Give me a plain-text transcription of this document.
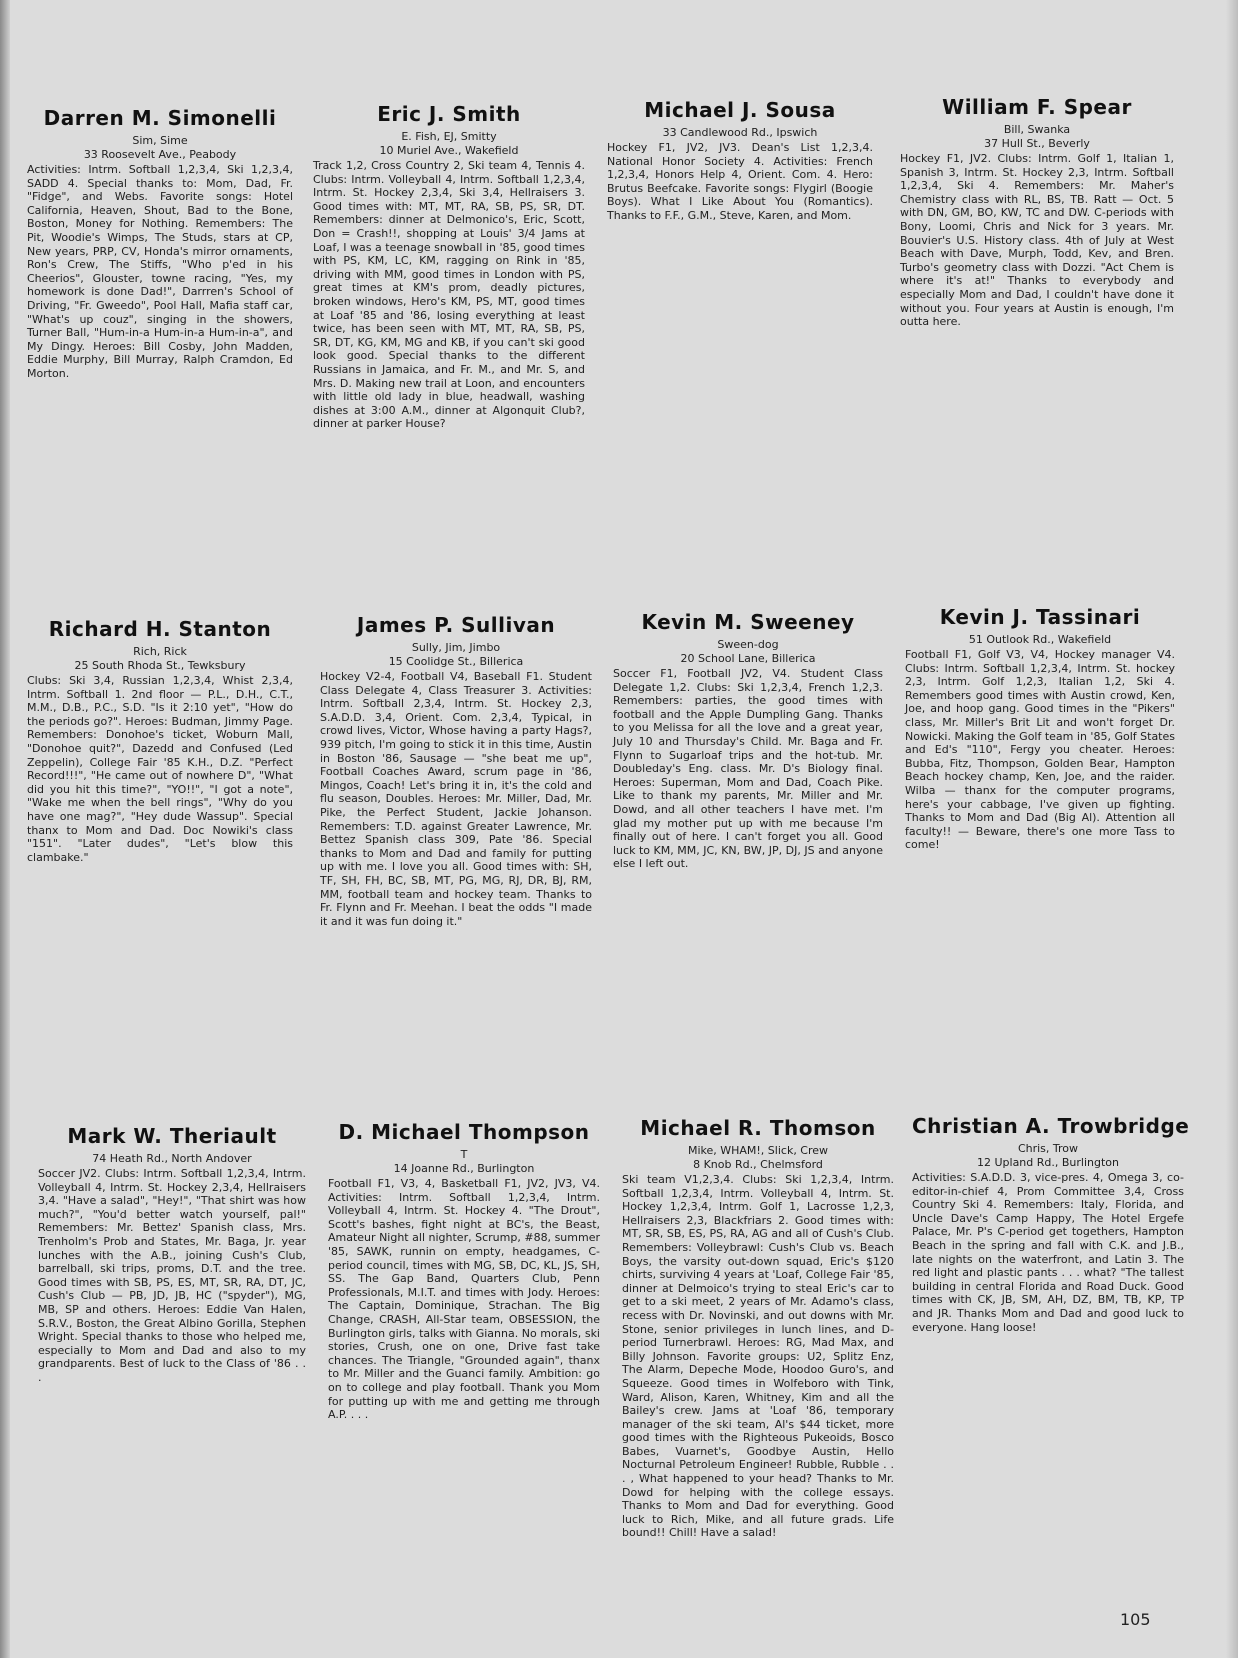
Darren M. Simonelli
Sim, Sime
33 Roosevelt Ave., Peabody
Activities: Intrm. Softball 1,2,3,4, Ski 1,2,3,4, SADD 4. Special thanks to: Mom, Dad, Fr. "Fidge", and Webs. Favorite songs: Hotel California, Heaven, Shout, Bad to the Bone, Boston, Money for Nothing. Remembers: The Pit, Woodie's Wimps, The Studs, stars at CP, New years, PRP, CV, Honda's mirror ornaments, Ron's Crew, The Stiffs, "Who p'ed in his Cheerios", Glouster, towne racing, "Yes, my homework is done Dad!", Darrren's School of Driving, "Fr. Gweedo", Pool Hall, Mafia staff car, "What's up couz", singing in the showers, Turner Ball, "Hum-in-a Hum-in-a Hum-in-a", and My Dingy. Heroes: Bill Cosby, John Madden, Eddie Murphy, Bill Murray, Ralph Cramdon, Ed Morton.
Eric J. Smith
E. Fish, EJ, Smitty
10 Muriel Ave., Wakefield
Track 1,2, Cross Country 2, Ski team 4, Tennis 4. Clubs: Intrm. Volleyball 4, Intrm. Softball 1,2,3,4, Intrm. St. Hockey 2,3,4, Ski 3,4, Hellraisers 3. Good times with: MT, MT, RA, SB, PS, SR, DT. Remembers: dinner at Delmonico's, Eric, Scott, Don = Crash!!, shopping at Louis' 3/4 Jams at Loaf, I was a teenage snowball in '85, good times with PS, KM, LC, KM, ragging on Rink in '85, driving with MM, good times in London with PS, great times at KM's prom, deadly pictures, broken windows, Hero's KM, PS, MT, good times at Loaf '85 and '86, losing everything at least twice, has been seen with MT, MT, RA, SB, PS, SR, DT, KG, KM, MG and KB, if you can't ski good look good. Special thanks to the different Russians in Jamaica, and Fr. M., and Mr. S, and Mrs. D. Making new trail at Loon, and encounters with little old lady in blue, headwall, washing dishes at 3:00 A.M., dinner at Algonquit Club?, dinner at parker House?
Michael J. Sousa
33 Candlewood Rd., Ipswich
Hockey F1, JV2, JV3. Dean's List 1,2,3,4. National Honor Society 4. Activities: French 1,2,3,4, Honors Help 4, Orient. Com. 4. Hero: Brutus Beefcake. Favorite songs: Flygirl (Boogie Boys). What I Like About You (Romantics). Thanks to F.F., G.M., Steve, Karen, and Mom.
William F. Spear
Bill, Swanka
37 Hull St., Beverly
Hockey F1, JV2. Clubs: Intrm. Golf 1, Italian 1, Spanish 3, Intrm. St. Hockey 2,3, Intrm. Softball 1,2,3,4, Ski 4. Remembers: Mr. Maher's Chemistry class with RL, BS, TB. Ratt — Oct. 5 with DN, GM, BO, KW, TC and DW. C-periods with Bony, Loomi, Chris and Nick for 3 years. Mr. Bouvier's U.S. History class. 4th of July at West Beach with Dave, Murph, Todd, Kev, and Bren. Turbo's geometry class with Dozzi. "Act Chem is where it's at!" Thanks to everybody and especially Mom and Dad, I couldn't have done it without you. Four years at Austin is enough, I'm outta here.
Richard H. Stanton
Rich, Rick
25 South Rhoda St., Tewksbury
Clubs: Ski 3,4, Russian 1,2,3,4, Whist 2,3,4, Intrm. Softball 1. 2nd floor — P.L., D.H., C.T., M.M., D.B., P.C., S.D. "Is it 2:10 yet", "How do the periods go?". Heroes: Budman, Jimmy Page. Remembers: Donohoe's ticket, Woburn Mall, "Donohoe quit?", Dazedd and Confused (Led Zeppelin), College Fair '85 K.H., D.Z. "Perfect Record!!!", "He came out of nowhere D", "What did you hit this time?", "YO!!", "I got a note", "Wake me when the bell rings", "Why do you have one mag?", "Hey dude Wassup". Special thanx to Mom and Dad. Doc Nowiki's class "151". "Later dudes", "Let's blow this clambake."
James P. Sullivan
Sully, Jim, Jimbo
15 Coolidge St., Billerica
Hockey V2-4, Football V4, Baseball F1. Student Class Delegate 4, Class Treasurer 3. Activities: Intrm. Softball 2,3,4, Intrm. St. Hockey 2,3, S.A.D.D. 3,4, Orient. Com. 2,3,4, Typical, in crowd lives, Victor, Whose having a party Hags?, 939 pitch, I'm going to stick it in this time, Austin in Boston '86, Sausage — "she beat me up", Football Coaches Award, scrum page in '86, Mingos, Coach! Let's bring it in, it's the cold and flu season, Doubles. Heroes: Mr. Miller, Dad, Mr. Pike, the Perfect Student, Jackie Johanson. Remembers: T.D. against Greater Lawrence, Mr. Bettez Spanish class 309, Pate '86. Special thanks to Mom and Dad and family for putting up with me. I love you all. Good times with: SH, TF, SH, FH, BC, SB, MT, PG, MG, RJ, DR, BJ, RM, MM, football team and hockey team. Thanks to Fr. Flynn and Fr. Meehan. I beat the odds "I made it and it was fun doing it."
Kevin M. Sweeney
Sween-dog
20 School Lane, Billerica
Soccer F1, Football JV2, V4. Student Class Delegate 1,2. Clubs: Ski 1,2,3,4, French 1,2,3. Remembers: parties, the good times with football and the Apple Dumpling Gang. Thanks to you Melissa for all the love and a great year, July 10 and Thursday's Child. Mr. Baga and Fr. Flynn to Sugarloaf trips and the hot-tub. Mr. Doubleday's Eng. class. Mr. D's Biology final. Heroes: Superman, Mom and Dad, Coach Pike. Like to thank my parents, Mr. Miller and Mr. Dowd, and all other teachers I have met. I'm glad my mother put up with me because I'm finally out of here. I can't forget you all. Good luck to KM, MM, JC, KN, BW, JP, DJ, JS and anyone else I left out.
Kevin J. Tassinari
51 Outlook Rd., Wakefield
Football F1, Golf V3, V4, Hockey manager V4. Clubs: Intrm. Softball 1,2,3,4, Intrm. St. hockey 2,3, Intrm. Golf 1,2,3, Italian 1,2, Ski 4. Remembers good times with Austin crowd, Ken, Joe, and hoop gang. Good times in the "Pikers" class, Mr. Miller's Brit Lit and won't forget Dr. Nowicki. Making the Golf team in '85, Golf States and Ed's "110", Fergy you cheater. Heroes: Bubba, Fitz, Thompson, Golden Bear, Hampton Beach hockey champ, Ken, Joe, and the raider. Wilba — thanx for the computer programs, here's your cabbage, I've given up fighting. Thanks to Mom and Dad (Big Al). Attention all faculty!! — Beware, there's one more Tass to come!
Mark W. Theriault
74 Heath Rd., North Andover
Soccer JV2. Clubs: Intrm. Softball 1,2,3,4, Intrm. Volleyball 4, Intrm. St. Hockey 2,3,4, Hellraisers 3,4. "Have a salad", "Hey!", "That shirt was how much?", "You'd better watch yourself, pal!" Remembers: Mr. Bettez' Spanish class, Mrs. Trenholm's Prob and States, Mr. Baga, Jr. year lunches with the A.B., joining Cush's Club, barrelball, ski trips, proms, D.T. and the tree. Good times with SB, PS, ES, MT, SR, RA, DT, JC, Cush's Club — PB, JD, JB, HC ("spyder"), MG, MB, SP and others. Heroes: Eddie Van Halen, S.R.V., Boston, the Great Albino Gorilla, Stephen Wright. Special thanks to those who helped me, especially to Mom and Dad and also to my grandparents. Best of luck to the Class of '86 . . .
D. Michael Thompson
T
14 Joanne Rd., Burlington
Football F1, V3, 4, Basketball F1, JV2, JV3, V4. Activities: Intrm. Softball 1,2,3,4, Intrm. Volleyball 4, Intrm. St. Hockey 4. "The Drout", Scott's bashes, fight night at BC's, the Beast, Amateur Night all nighter, Scrump, #88, summer '85, SAWK, runnin on empty, headgames, C-period council, times with MG, SB, DC, KL, JS, SH, SS. The Gap Band, Quarters Club, Penn Professionals, M.I.T. and times with Jody. Heroes: The Captain, Dominique, Strachan. The Big Change, CRASH, All-Star team, OBSESSION, the Burlington girls, talks with Gianna. No morals, ski stories, Crush, one on one, Drive fast take chances. The Triangle, "Grounded again", thanx to Mr. Miller and the Guanci family. Ambition: go on to college and play football. Thank you Mom for putting up with me and getting me through A.P. . . .
Michael R. Thomson
Mike, WHAM!, Slick, Crew
8 Knob Rd., Chelmsford
Ski team V1,2,3,4. Clubs: Ski 1,2,3,4, Intrm. Softball 1,2,3,4, Intrm. Volleyball 4, Intrm. St. Hockey 1,2,3,4, Intrm. Golf 1, Lacrosse 1,2,3, Hellraisers 2,3, Blackfriars 2. Good times with: MT, SR, SB, ES, PS, RA, AG and all of Cush's Club. Remembers: Volleybrawl: Cush's Club vs. Beach Boys, the varsity out-down squad, Eric's $120 chirts, surviving 4 years at 'Loaf, College Fair '85, dinner at Delmoico's trying to steal Eric's car to get to a ski meet, 2 years of Mr. Adamo's class, recess with Dr. Novinski, and out downs with Mr. Stone, senior privileges in lunch lines, and D-period Turnerbrawl. Heroes: RG, Mad Max, and Billy Johnson. Favorite groups: U2, Splitz Enz, The Alarm, Depeche Mode, Hoodoo Guro's, and Squeeze. Good times in Wolfeboro with Tink, Ward, Alison, Karen, Whitney, Kim and all the Bailey's crew. Jams at 'Loaf '86, temporary manager of the ski team, Al's $44 ticket, more good times with the Righteous Pukeoids, Bosco Babes, Vuarnet's, Goodbye Austin, Hello Nocturnal Petroleum Engineer! Rubble, Rubble . . . , What happened to your head? Thanks to Mr. Dowd for helping with the college essays. Thanks to Mom and Dad for everything. Good luck to Rich, Mike, and all future grads. Life bound!! Chill! Have a salad!
Christian A. Trowbridge
Chris, Trow
12 Upland Rd., Burlington
Activities: S.A.D.D. 3, vice-pres. 4, Omega 3, co-editor-in-chief 4, Prom Committee 3,4, Cross Country Ski 4. Remembers: Italy, Florida, and Uncle Dave's Camp Happy, The Hotel Ergefe Palace, Mr. P's C-period get togethers, Hampton Beach in the spring and fall with C.K. and J.B., late nights on the waterfront, and Latin 3. The red light and plastic pants . . . what? "The tallest building in central Florida and Road Duck. Good times with CK, JB, SM, AH, DZ, BM, TB, KP, TP and JR. Thanks Mom and Dad and good luck to everyone. Hang loose!
105
